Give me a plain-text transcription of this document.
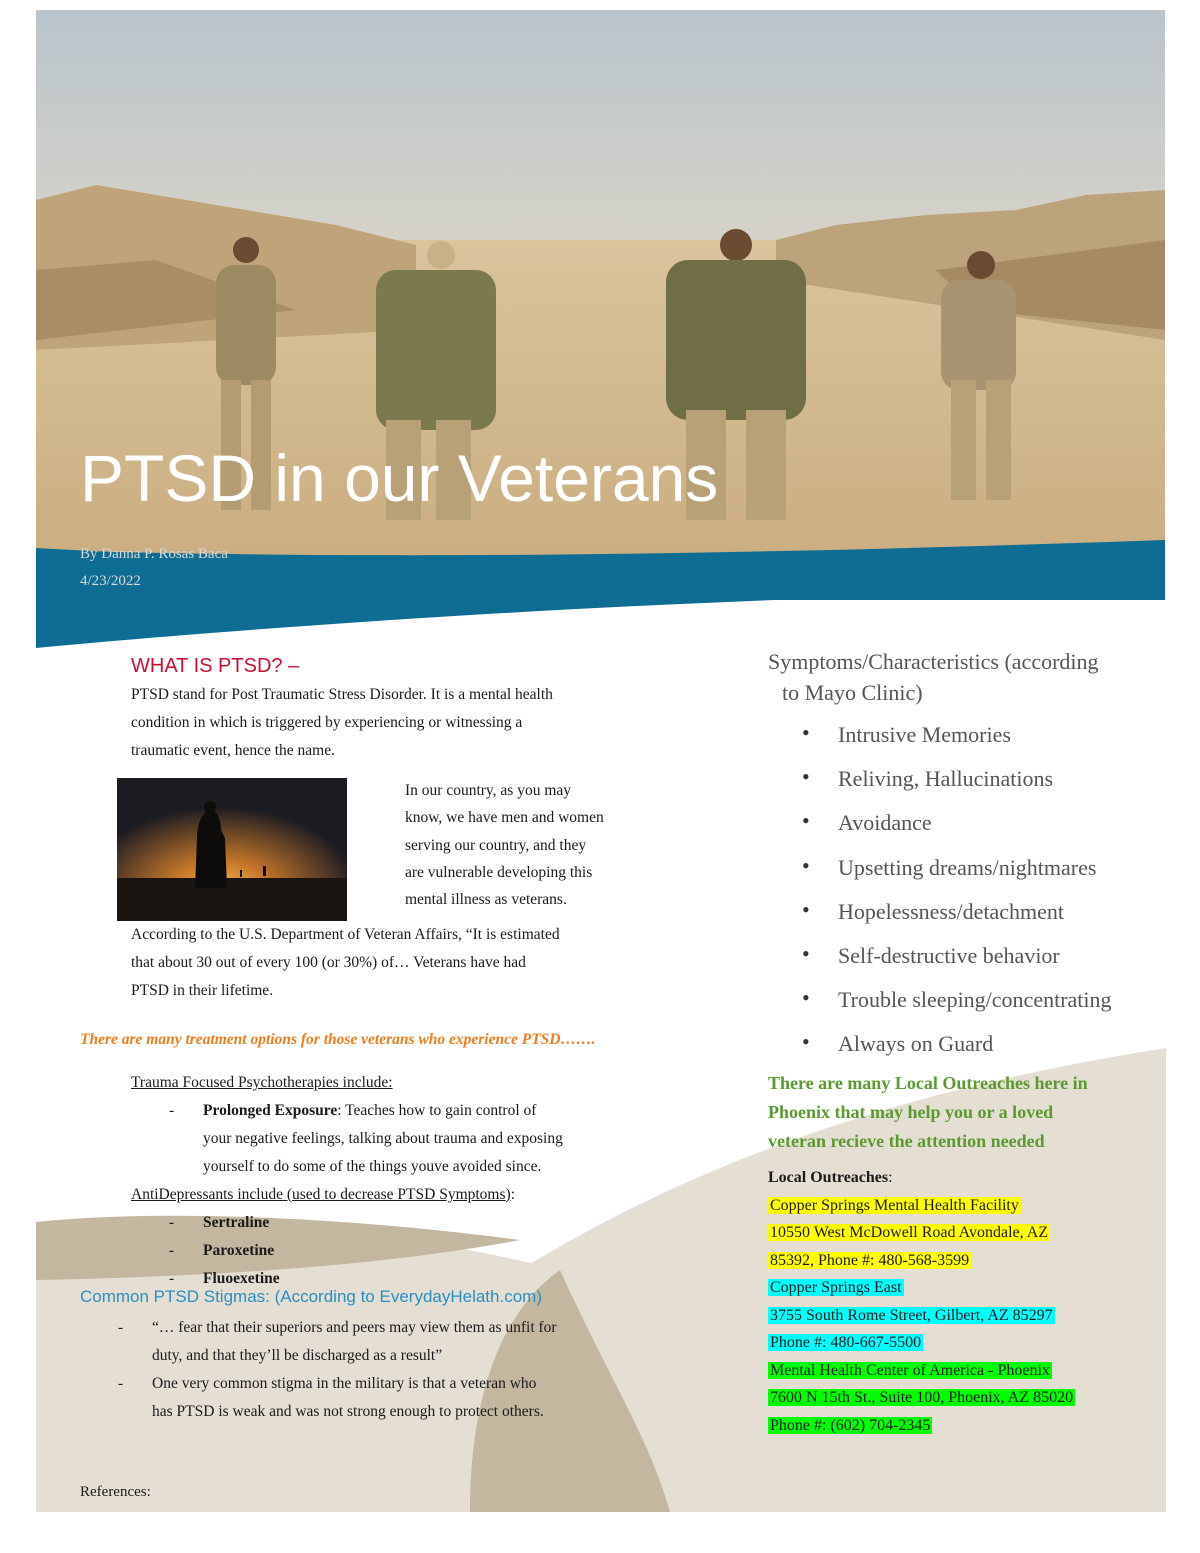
PTSD in our Veterans
By Danna P. Rosas Baca
4/23/2022
WHAT IS PTSD? –
PTSD stand for Post Traumatic Stress Disorder. It is a mental health
condition in which is triggered by experiencing or witnessing a
traumatic event, hence the name.
In our country, as you may
know, we have men and women
serving our country, and they
are vulnerable developing this
mental illness as veterans.
According to the U.S. Department of Veteran Affairs, “It is estimated
that about 30 out of every 100 (or 30%) of… Veterans have had
PTSD in their lifetime.
There are many treatment options for those veterans who experience PTSD…….
Trauma Focused Psychotherapies include:
- Prolonged Exposure: Teaches how to gain control of
your negative feelings, talking about trauma and exposing
yourself to do some of the things youve avoided since.
AntiDepressants include (used to decrease PTSD Symptoms):
- Sertraline
- Paroxetine
- Fluoexetine
Common PTSD Stigmas: (According to EverydayHelath.com)
- “… fear that their superiors and peers may view them as unfit for
duty, and that they’ll be discharged as a result”
- One very common stigma in the military is that a veteran who
has PTSD is weak and was not strong enough to protect others.
References:
Symptoms/Characteristics (according
to Mayo Clinic)
• Intrusive Memories
• Reliving, Hallucinations
• Avoidance
• Upsetting dreams/nightmares
• Hopelessness/detachment
• Self-destructive behavior
• Trouble sleeping/concentrating
• Always on Guard
There are many Local Outreaches here in
Phoenix that may help you or a loved
veteran recieve the attention needed
Local Outreaches:
Copper Springs Mental Health Facility
10550 West McDowell Road Avondale, AZ
85392, Phone #: 480-568-3599
Copper Springs East
3755 South Rome Street, Gilbert, AZ 85297
Phone #: 480-667-5500
Mental Health Center of America - Phoenix
7600 N 15th St., Suite 100, Phoenix, AZ 85020
Phone #: (602) 704-2345
